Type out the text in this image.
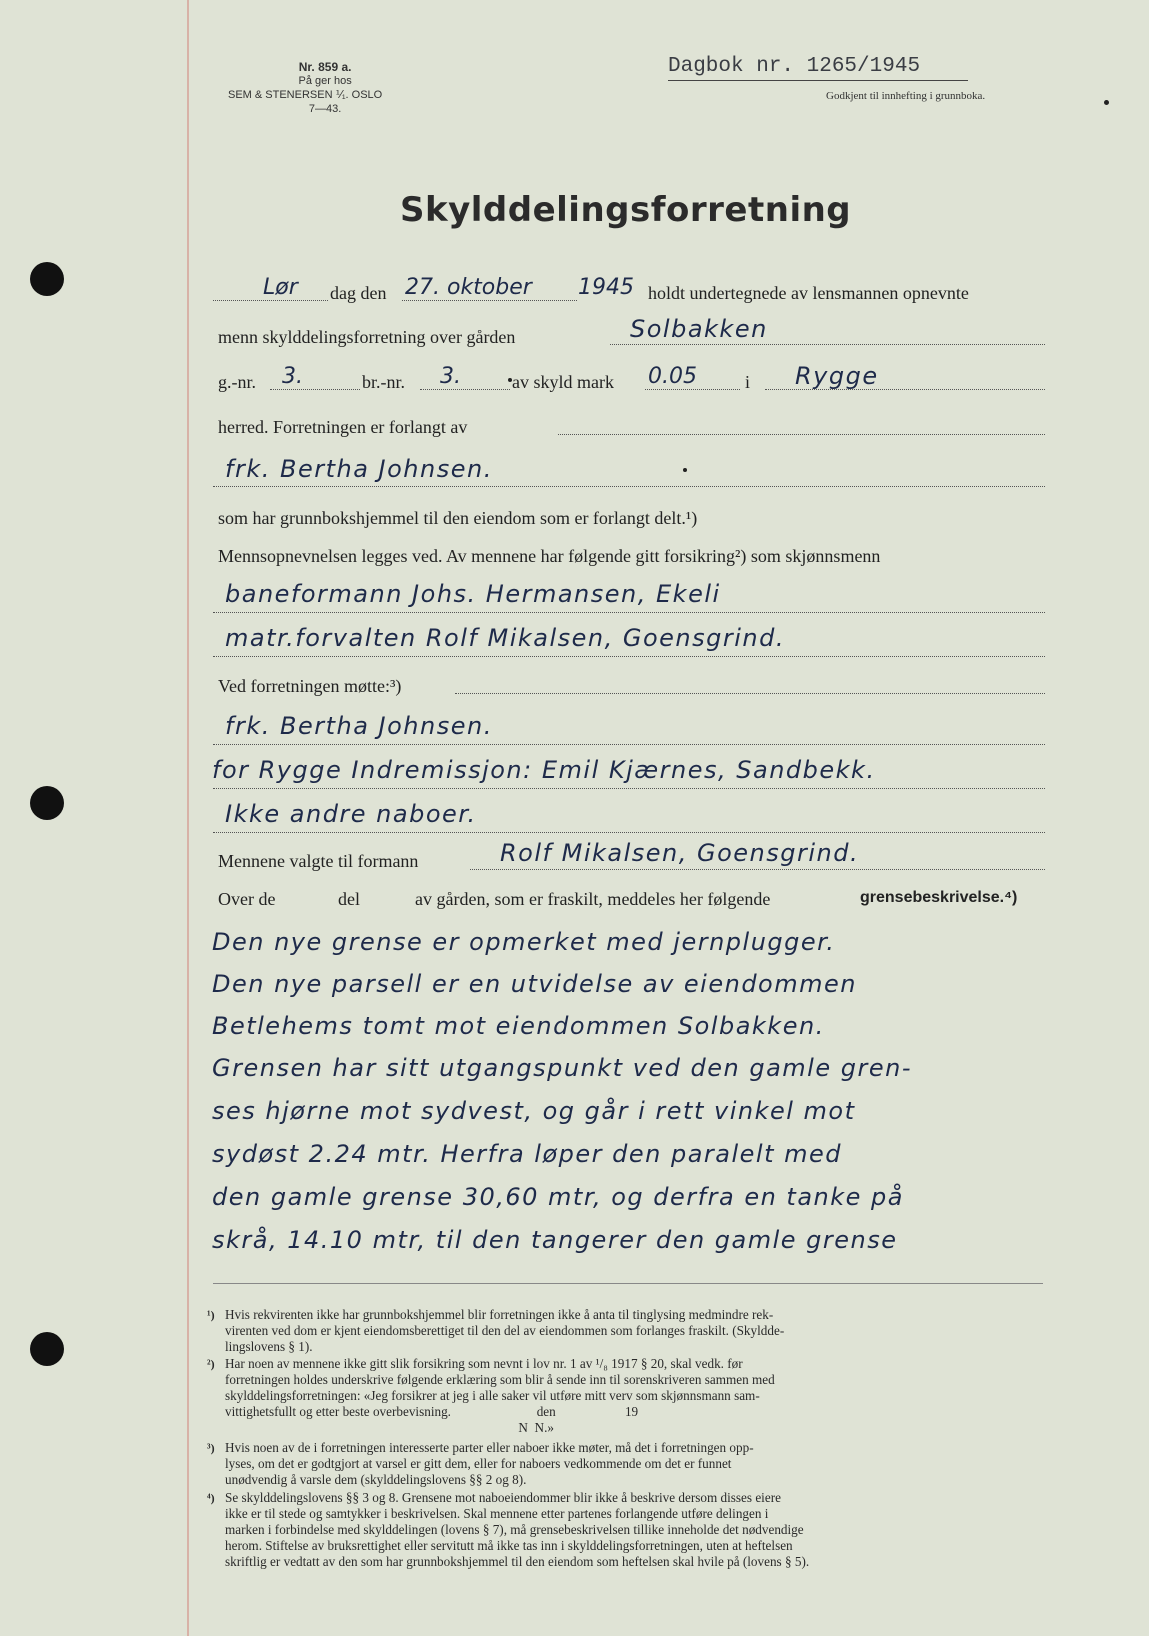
Nr. 859 a.
På ger hos
SEM & STENERSEN ⅟₁. OSLO
7—43.
Dagbok nr. 1265/1945
Godkjent til innhefting i grunnboka.
Skylddelingsforretning
Lør dag den 27. oktober 1945 holdt undertegnede av lensmannen opnevnte
menn skylddelingsforretning over gården	Solbakken
g.-nr. 3.	br.-nr. 3.	av skyld mark 0.05	i Rygge
herred. Forretningen er forlangt av
frk. Bertha Johnsen.
som har grunnbokshjemmel til den eiendom som er forlangt delt.¹)
Mennsopnevnelsen legges ved. Av mennene har følgende gitt forsikring²) som skjønnsmenn
baneformann Johs. Hermansen, Ekeli
matr.forvalten Rolf Mikalsen, Goensgrind.
Ved forretningen møtte:³)
frk. Bertha Johnsen.
for Rygge Indremissjon: Emil Kjærnes, Sandbekk.
Ikke andre naboer.
Mennene valgte til formann	Rolf Mikalsen, Goensgrind.
Over de	del	av gården, som er fraskilt, meddeles her følgende	grensebeskrivelse.⁴)
Den nye grense er opmerket med jernplugger.
Den nye parsell er en utvidelse av eiendommen
Betlehems tomt mot eiendommen Solbakken.
Grensen har sitt utgangspunkt ved den gamle gren-
ses hjørne mot sydvest, og går i rett vinkel mot
sydøst 2.24 mtr. Herfra løper den paralelt med
den gamle grense 30,60 mtr, og derfra en tanke på
skrå, 14.10 mtr, til den tangerer den gamle grense
¹) Hvis rekvirenten ikke har grunnbokshjemmel blir forretningen ikke å anta til tinglysing medmindre rek-
virenten ved dom er kjent eiendomsberettiget til den del av eiendommen som forlanges fraskilt. (Skyldde-
lingslovens § 1).
²) Har noen av mennene ikke gitt slik forsikring som nevnt i lov nr. 1 av ¹/₈ 1917 § 20, skal vedk. før
forretningen holdes underskrive følgende erklæring som blir å sende inn til sorenskriveren sammen med
skylddelingsforretningen: «Jeg forsikrer at jeg i alle saker vil utføre mitt verv som skjønnsmann sam-
vittighetsfullt og etter beste overbevisning.                          den                     19
N  N.»
³) Hvis noen av de i forretningen interesserte parter eller naboer ikke møter, må det i forretningen opp-
lyses, om det er godtgjort at varsel er gitt dem, eller for naboers vedkommende om det er funnet
unødvendig å varsle dem (skylddelingslovens §§ 2 og 8).
⁴) Se skylddelingslovens §§ 3 og 8. Grensene mot naboeiendommer blir ikke å beskrive dersom disses eiere
ikke er til stede og samtykker i beskrivelsen. Skal mennene etter partenes forlangende utføre delingen i
marken i forbindelse med skylddelingen (lovens § 7), må grensebeskrivelsen tillike inneholde det nødvendige
herom. Stiftelse av bruksrettighet eller servitutt må ikke tas inn i skylddelingsforretningen, uten at heftelsen
skriftlig er vedtatt av den som har grunnbokshjemmel til den eiendom som heftelsen skal hvile på (lovens § 5).
